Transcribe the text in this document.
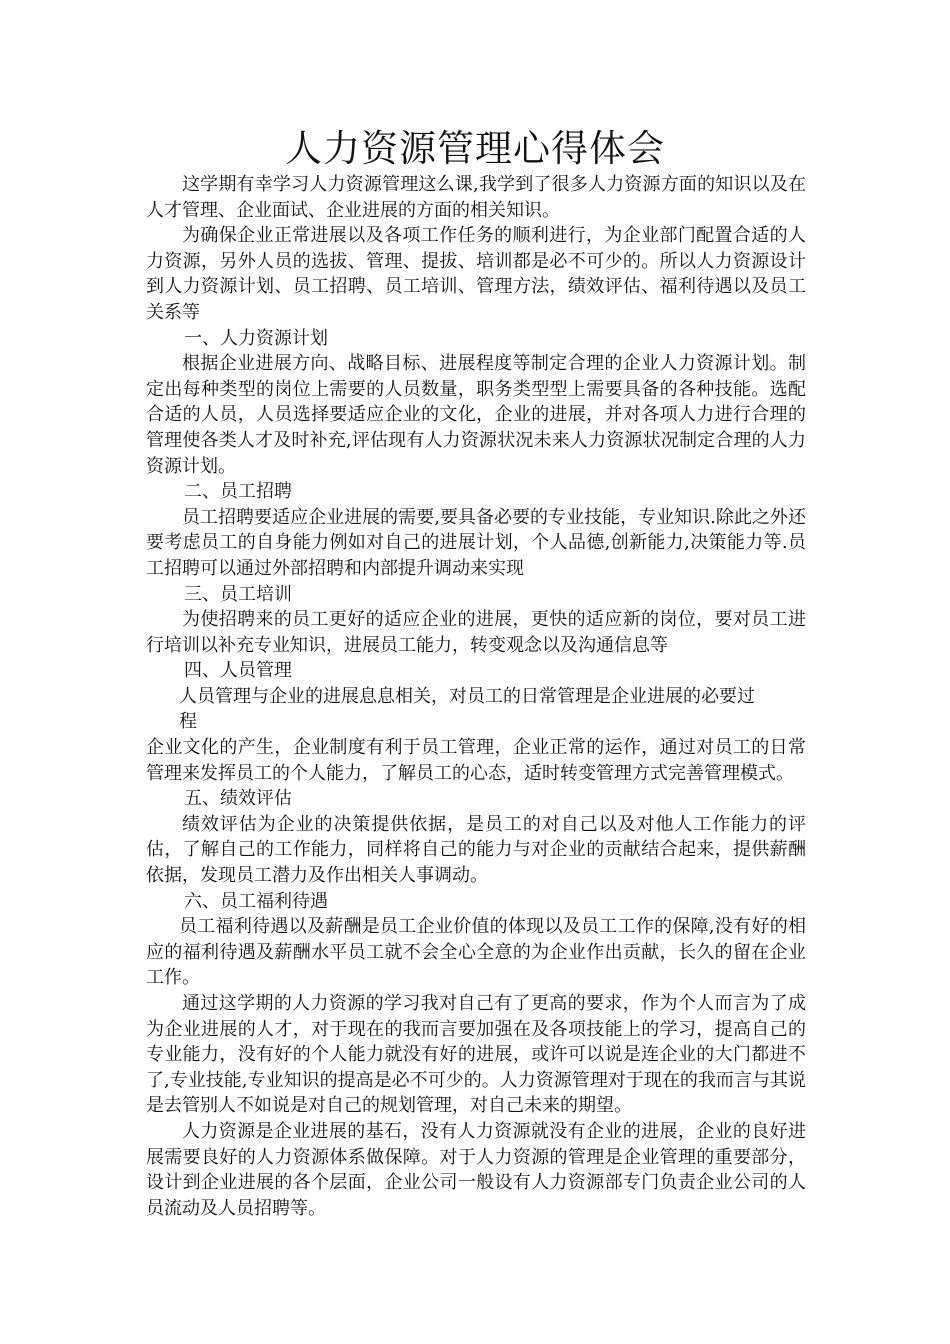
人力资源管理心得体会

这学期有幸学习人力资源管理这么课,我学到了很多人力资源方面的知识以及在人才管理、企业面试、企业进展的方面的相关知识。

为确保企业正常进展以及各项工作任务的顺利进行，为企业部门配置合适的人力资源，另外人员的选拔、管理、提拔、培训都是必不可少的。所以人力资源设计到人力资源计划、员工招聘、员工培训、管理方法，绩效评估、福利待遇以及员工关系等

一、人力资源计划

根据企业进展方向、战略目标、进展程度等制定合理的企业人力资源计划。制定出每种类型的岗位上需要的人员数量，职务类型型上需要具备的各种技能。选配合适的人员，人员选择要适应企业的文化，企业的进展，并对各项人力进行合理的管理使各类人才及时补充,评估现有人力资源状况未来人力资源状况制定合理的人力资源计划。

二、员工招聘

员工招聘要适应企业进展的需要,要具备必要的专业技能，专业知识.除此之外还要考虑员工的自身能力例如对自己的进展计划，个人品德,创新能力,决策能力等.员工招聘可以通过外部招聘和内部提升调动来实现

三、员工培训

为使招聘来的员工更好的适应企业的进展，更快的适应新的岗位，要对员工进行培训以补充专业知识，进展员工能力，转变观念以及沟通信息等

四、人员管理

人员管理与企业的进展息息相关，对员工的日常管理是企业进展的必要过

程

企业文化的产生，企业制度有利于员工管理，企业正常的运作，通过对员工的日常管理来发挥员工的个人能力，了解员工的心态，适时转变管理方式完善管理模式。

五、绩效评估

绩效评估为企业的决策提供依据，是员工的对自己以及对他人工作能力的评估，了解自己的工作能力，同样将自己的能力与对企业的贡献结合起来，提供薪酬依据，发现员工潜力及作出相关人事调动。

六、员工福利待遇

员工福利待遇以及薪酬是员工企业价值的体现以及员工工作的保障,没有好的相应的福利待遇及薪酬水平员工就不会全心全意的为企业作出贡献，长久的留在企业工作。

通过这学期的人力资源的学习我对自己有了更高的要求，作为个人而言为了成为企业进展的人才，对于现在的我而言要加强在及各项技能上的学习，提高自己的专业能力，没有好的个人能力就没有好的进展，或许可以说是连企业的大门都进不了,专业技能,专业知识的提高是必不可少的。人力资源管理对于现在的我而言与其说是去管别人不如说是对自己的规划管理，对自己未来的期望。

人力资源是企业进展的基石，没有人力资源就没有企业的进展，企业的良好进展需要良好的人力资源体系做保障。对于人力资源的管理是企业管理的重要部分，设计到企业进展的各个层面，企业公司一般设有人力资源部专门负责企业公司的人员流动及人员招聘等。
